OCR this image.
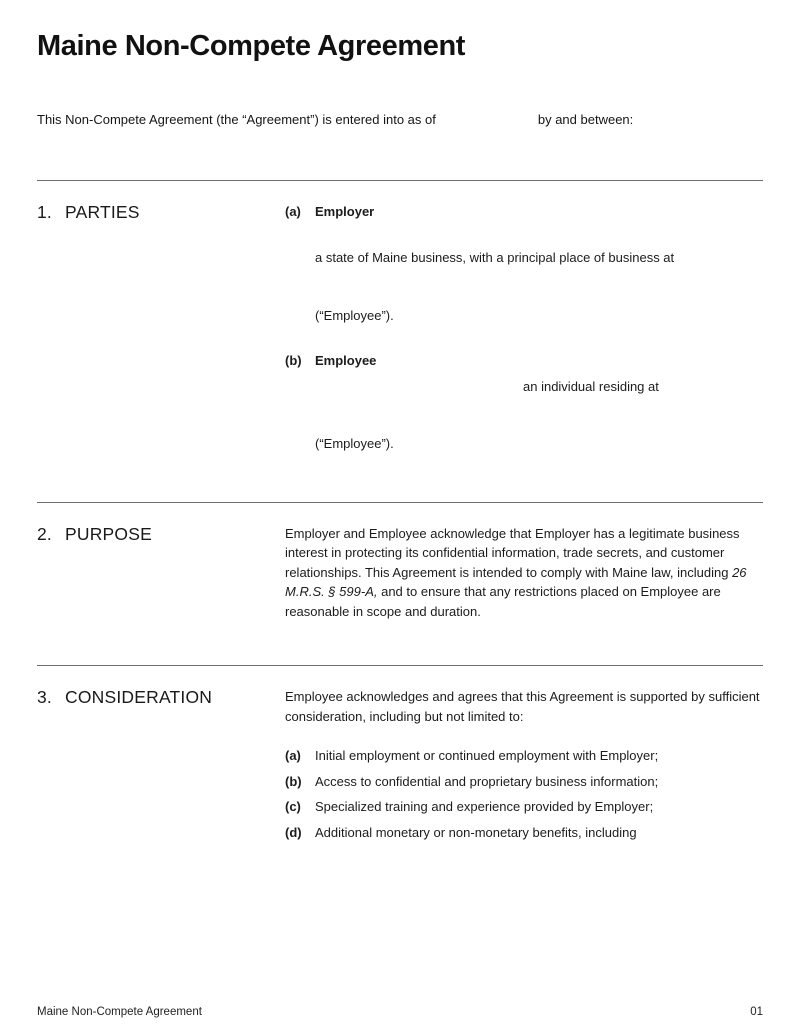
Maine Non-Compete Agreement

This Non-Compete Agreement (the “Agreement”) is entered into as of	by and between:

1. PARTIES	(a)	Employer
a state of Maine business, with a principal place of business at
(“Employee”).
(b)	Employee
an individual residing at
(“Employee”).
2. PURPOSE	Employer and Employee acknowledge that Employer has a legitimate business interest in protecting its confidential information, trade secrets, and customer relationships. This Agreement is intended to comply with Maine law, including 26 M.R.S. § 599-A, and to ensure that any restrictions placed on Employee are reasonable in scope and duration.

3. CONSIDERATION	Employee acknowledges and agrees that this Agreement is supported by sufficient consideration, including but not limited to:

(a)	Initial employment or continued employment with Employer;
(b)	Access to confidential and proprietary business information;
(c)	Specialized training and experience provided by Employer;
(d)	Additional monetary or non-monetary benefits, including
Maine Non-Compete Agreement	01
